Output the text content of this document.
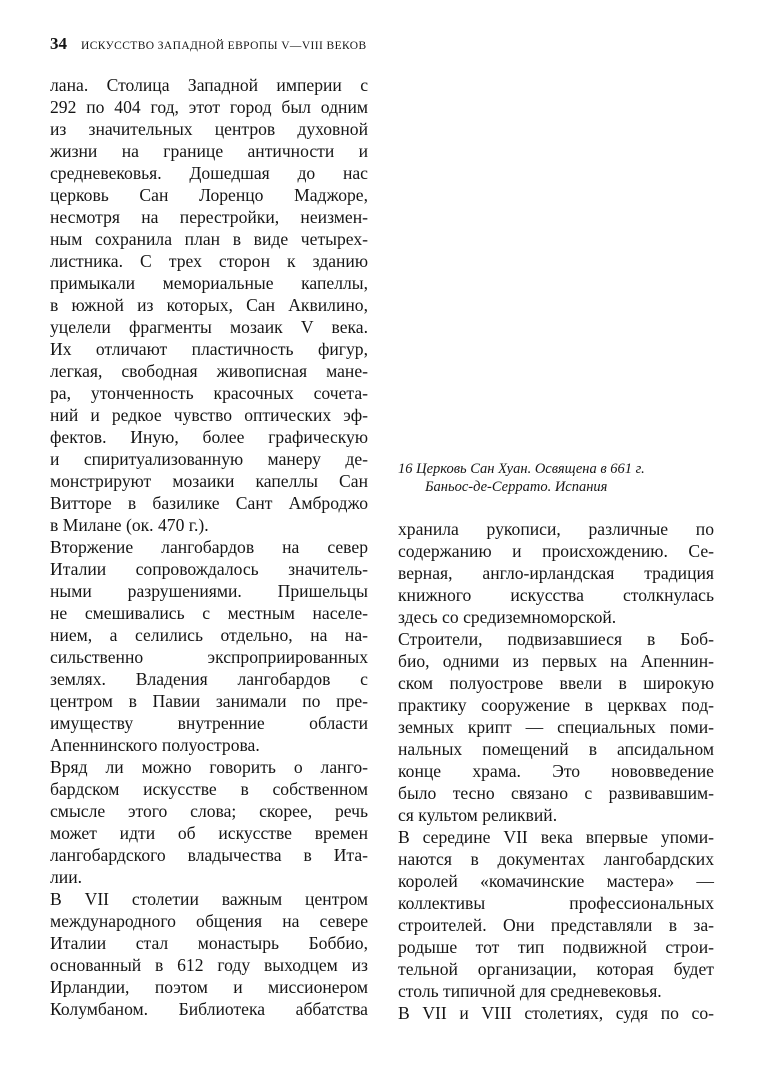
34 ИСКУССТВО ЗАПАДНОЙ ЕВРОПЫ V—VIII ВЕКОВ
лана. Столица Западной империи с
292 по 404 год, этот город был одним
из значительных центров духовной
жизни на границе античности и
средневековья. Дошедшая до нас
церковь Сан Лоренцо Маджоре,
несмотря на перестройки, неизмен-
ным сохранила план в виде четырех-
листника. С трех сторон к зданию
примыкали мемориальные капеллы,
в южной из которых, Сан Аквилино,
уцелели фрагменты мозаик V века.
Их отличают пластичность фигур,
легкая, свободная живописная мане-
ра, утонченность красочных сочета-
ний и редкое чувство оптических эф-
фектов. Иную, более графическую
и спиритуализованную манеру де-
монстрируют мозаики капеллы Сан
Витторе в базилике Сант Амброджо
в Милане (ок. 470 г.).
Вторжение лангобардов на север
Италии сопровождалось значитель-
ными разрушениями. Пришельцы
не смешивались с местным населе-
нием, а селились отдельно, на на-
сильственно экспроприированных
землях. Владения лангобардов с
центром в Павии занимали по пре-
имуществу внутренние области
Апеннинского полуострова.
Вряд ли можно говорить о ланго-
бардском искусстве в собственном
смысле этого слова; скорее, речь
может идти об искусстве времен
лангобардского владычества в Ита-
лии.
В VII столетии важным центром
международного общения на севере
Италии стал монастырь Боббио,
основанный в 612 году выходцем из
Ирландии, поэтом и миссионером
Колумбаном. Библиотека аббатства
16 Церковь Сан Хуан. Освящена в 661 г.
Баньос-де-Серрато. Испания
хранила рукописи, различные по
содержанию и происхождению. Се-
верная, англо-ирландская традиция
книжного искусства столкнулась
здесь со средиземноморской.
Строители, подвизавшиеся в Боб-
био, одними из первых на Апеннин-
ском полуострове ввели в широкую
практику сооружение в церквах под-
земных крипт — специальных поми-
нальных помещений в апсидальном
конце храма. Это нововведение
было тесно связано с развивавшим-
ся культом реликвий.
В середине VII века впервые упоми-
наются в документах лангобардских
королей «комачинские мастера» —
коллективы профессиональных
строителей. Они представляли в за-
родыше тот тип подвижной строи-
тельной организации, которая будет
столь типичной для средневековья.
В VII и VIII столетиях, судя по со-
